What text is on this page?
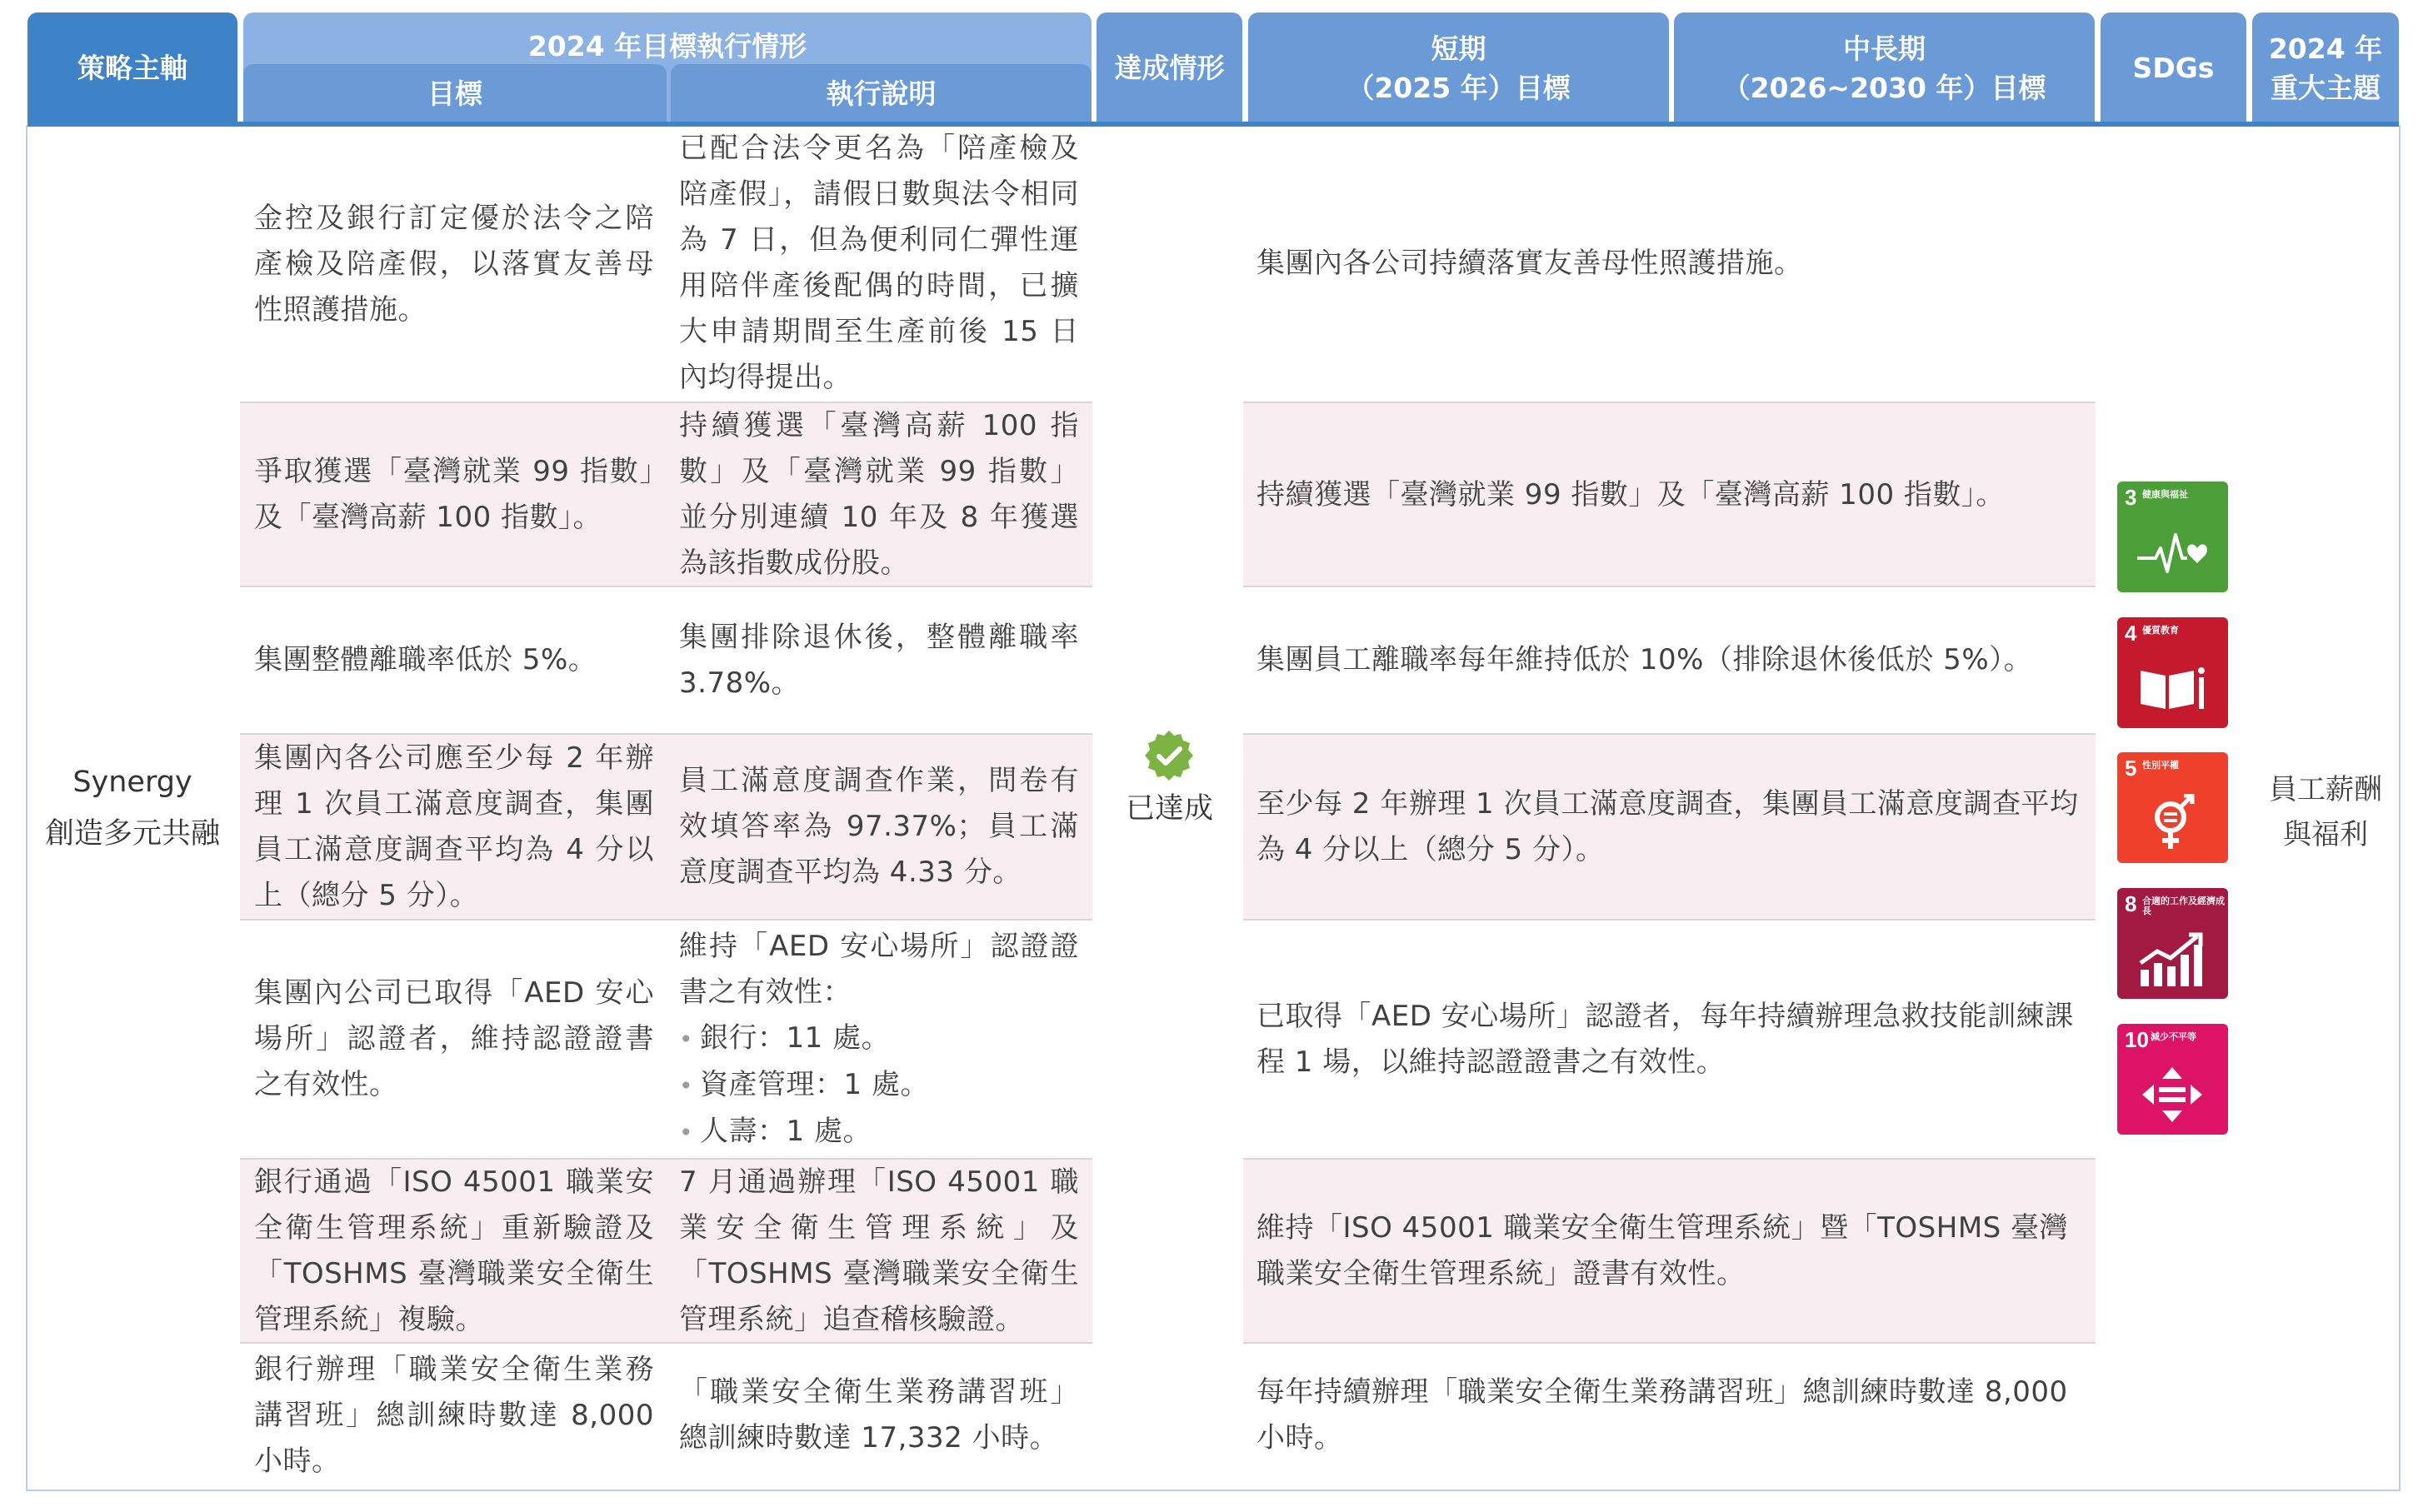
策略主軸
2024 年目標執行情形
目標	執行說明
達成情形
短期
（2025 年）目標
中長期
（2026~2030 年）目標
SDGs
2024 年
重大主題
Synergy
創造多元共融
金控及銀行訂定優於法令之陪產檢及陪產假，以落實友善母性照護措施。
已配合法令更名為「陪產檢及陪產假」，請假日數與法令相同為 7 日，但為便利同仁彈性運用陪伴產後配偶的時間，已擴大申請期間至生產前後 15 日內均得提出。
集團內各公司持續落實友善母性照護措施。
爭取獲選「臺灣就業 99 指數」及「臺灣高薪 100 指數」。
持續獲選「臺灣高薪 100 指數」及「臺灣就業 99 指數」並分別連續 10 年及 8 年獲選為該指數成份股。
持續獲選「臺灣就業 99 指數」及「臺灣高薪 100 指數」。
集團整體離職率低於 5%。
集團排除退休後，整體離職率 3.78%。
集團員工離職率每年維持低於 10%（排除退休後低於 5%）。
集團內各公司應至少每 2 年辦理 1 次員工滿意度調查，集團員工滿意度調查平均為 4 分以上（總分 5 分）。
員工滿意度調查作業，問卷有效填答率為 97.37%；員工滿意度調查平均為 4.33 分。
至少每 2 年辦理 1 次員工滿意度調查，集團員工滿意度調查平均為 4 分以上（總分 5 分）。
集團內公司已取得「AED 安心場所」認證者，維持認證證書之有效性。
維持「AED 安心場所」認證證書之有效性：
• 銀行：11 處。
• 資產管理：1 處。
• 人壽：1 處。
已取得「AED 安心場所」認證者，每年持續辦理急救技能訓練課程 1 場，以維持認證證書之有效性。
銀行通過「ISO 45001 職業安全衛生管理系統」重新驗證及「TOSHMS 臺灣職業安全衛生管理系統」複驗。
7 月通過辦理「ISO 45001 職業安全衛生管理系統」及「TOSHMS 臺灣職業安全衛生管理系統」追查稽核驗證。
維持「ISO 45001 職業安全衛生管理系統」暨「TOSHMS 臺灣職業安全衛生管理系統」證書有效性。
銀行辦理「職業安全衛生業務講習班」總訓練時數達 8,000 小時。
「職業安全衛生業務講習班」總訓練時數達 17,332 小時。
每年持續辦理「職業安全衛生業務講習班」總訓練時數達 8,000 小時。
已達成
3 健康與福祉
4 優質教育
5 性別平權
8 合適的工作及經濟成長
10 減少不平等
員工薪酬
與福利
